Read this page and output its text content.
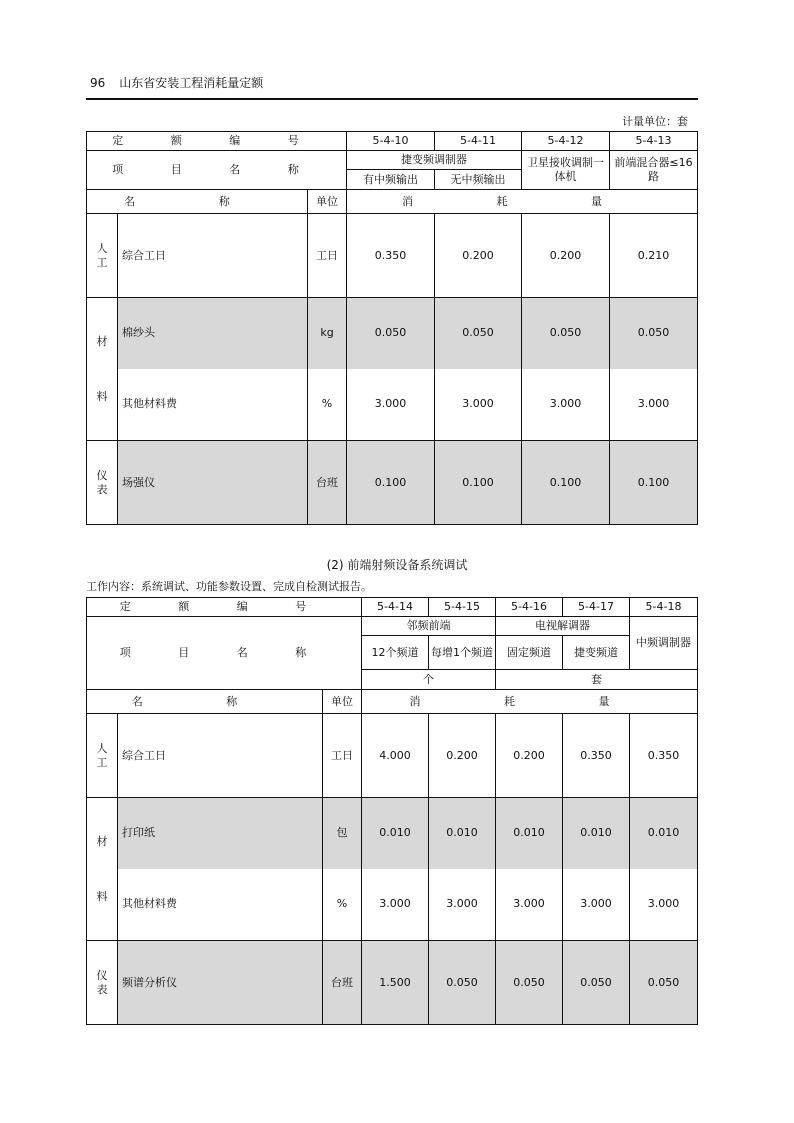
96 山东省安装工程消耗量定额
计量单位：套
定 额 编 号			5-4-10	5-4-11	5-4-12	5-4-13
项 目 名 称			捷变频调制器		卫星接收调制一体机	前端混合器≤16路
			有中频输出	无中频输出		
名 称		单位	消 耗 量			

人
工	综合工日	工日	0.350	0.200	0.200	0.210

材

料	棉纱头	kg	0.050	0.050	0.050	0.050
	其他材料费	%	3.000	3.000	3.000	3.000

仪
表	场强仪	台班	0.100	0.100	0.100	0.100
(2) 前端射频设备系统调试
工作内容：系统调试、功能参数设置、完成自检测试报告。
定 额 编 号			5-4-14	5-4-15	5-4-16	5-4-17	5-4-18
项 目 名 称			邻频前端		电视解调器		中频调制器
			12个频道	每增1个频道	固定频道	捷变频道	
			个		套		
名 称		单位	消 耗 量				

人
工	综合工日	工日	4.000	0.200	0.200	0.350	0.350

材

料	打印纸	包	0.010	0.010	0.010	0.010	0.010
	其他材料费	%	3.000	3.000	3.000	3.000	3.000

仪
表	频谱分析仪	台班	1.500	0.050	0.050	0.050	0.050
